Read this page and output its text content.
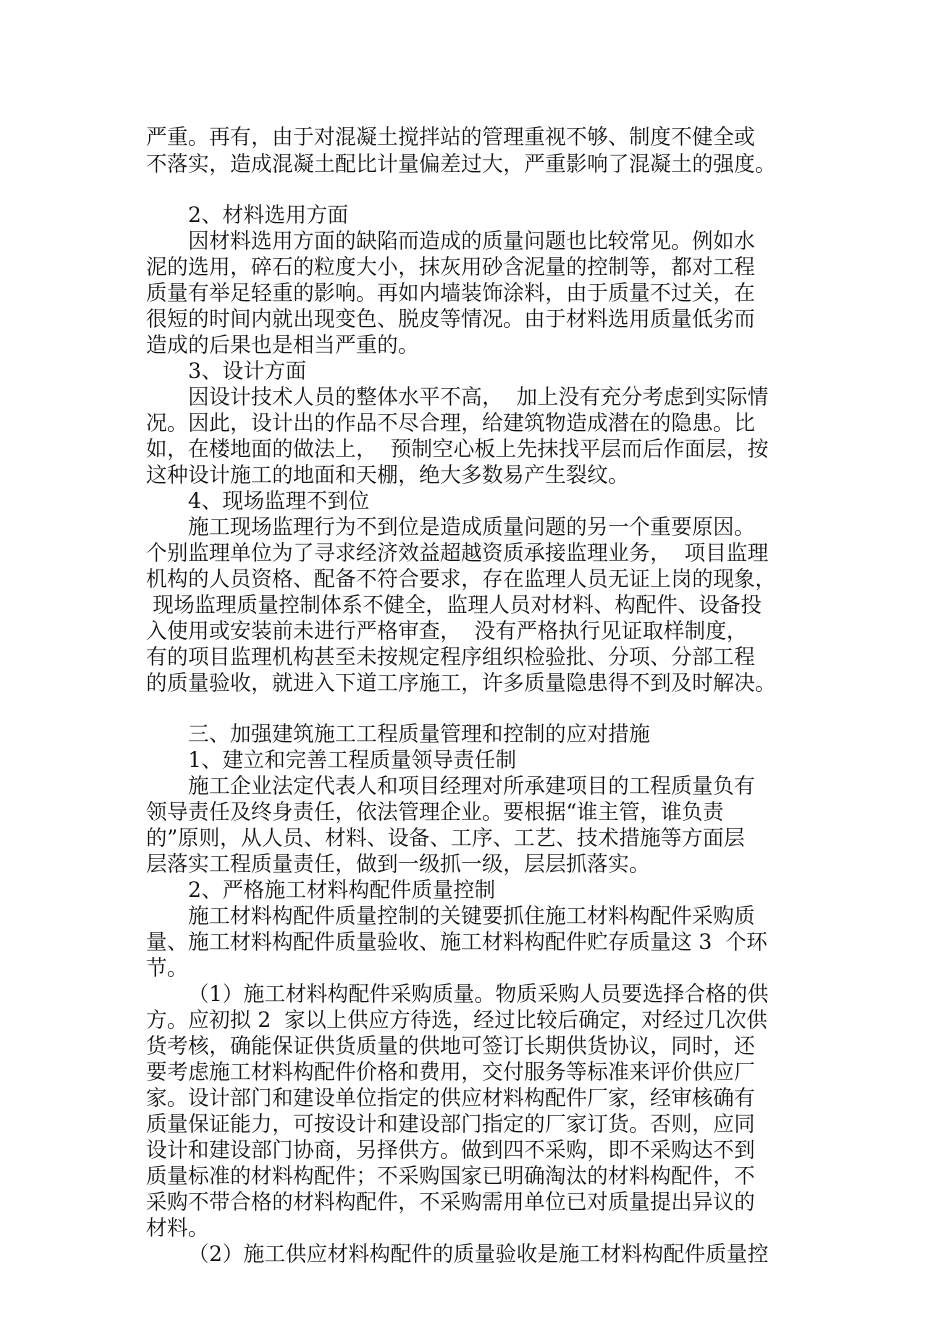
严重。再有，由于对混凝土搅拌站的管理重视不够、制度不健全或
不落实，造成混凝土配比计量偏差过大，严重影响了混凝土的强度。
2、材料选用方面
因材料选用方面的缺陷而造成的质量问题也比较常见。例如水
泥的选用，碎石的粒度大小，抹灰用砂含泥量的控制等，都对工程
质量有举足轻重的影响。再如内墙装饰涂料，由于质量不过关，在
很短的时间内就出现变色、脱皮等情况。由于材料选用质量低劣而
造成的后果也是相当严重的。
3、设计方面
因设计技术人员的整体水平不高，  加上没有充分考虑到实际情
况。因此，设计出的作品不尽合理，给建筑物造成潜在的隐患。比
如，在楼地面的做法上，  预制空心板上先抹找平层而后作面层，按
这种设计施工的地面和天棚，绝大多数易产生裂纹。
4、现场监理不到位
施工现场监理行为不到位是造成质量问题的另一个重要原因。
个别监理单位为了寻求经济效益超越资质承接监理业务，  项目监理
机构的人员资格、配备不符合要求，存在监理人员无证上岗的现象，
现场监理质量控制体系不健全，监理人员对材料、构配件、设备投
入使用或安装前未进行严格审查，  没有严格执行见证取样制度，
有的项目监理机构甚至未按规定程序组织检验批、分项、分部工程
的质量验收，就进入下道工序施工，许多质量隐患得不到及时解决。
三、加强建筑施工工程质量管理和控制的应对措施
1、建立和完善工程质量领导责任制
施工企业法定代表人和项目经理对所承建项目的工程质量负有
领导责任及终身责任，依法管理企业。要根据“谁主管，谁负责
的”原则，从人员、材料、设备、工序、工艺、技术措施等方面层
层落实工程质量责任，做到一级抓一级，层层抓落实。
2、严格施工材料构配件质量控制
施工材料构配件质量控制的关键要抓住施工材料构配件采购质
量、施工材料构配件质量验收、施工材料构配件贮存质量这 3  个环
节。
（1）施工材料构配件采购质量。物质采购人员要选择合格的供
方。应初拟 2  家以上供应方待选，经过比较后确定，对经过几次供
货考核，确能保证供货质量的供地可签订长期供货协议，同时，还
要考虑施工材料构配件价格和费用，交付服务等标准来评价供应厂
家。设计部门和建设单位指定的供应材料构配件厂家，经审核确有
质量保证能力，可按设计和建设部门指定的厂家订货。否则，应同
设计和建设部门协商，另择供方。做到四不采购，即不采购达不到
质量标准的材料构配件；不采购国家已明确淘汰的材料构配件，不
采购不带合格的材料构配件，不采购需用单位已对质量提出异议的
材料。
（2）施工供应材料构配件的质量验收是施工材料构配件质量控
